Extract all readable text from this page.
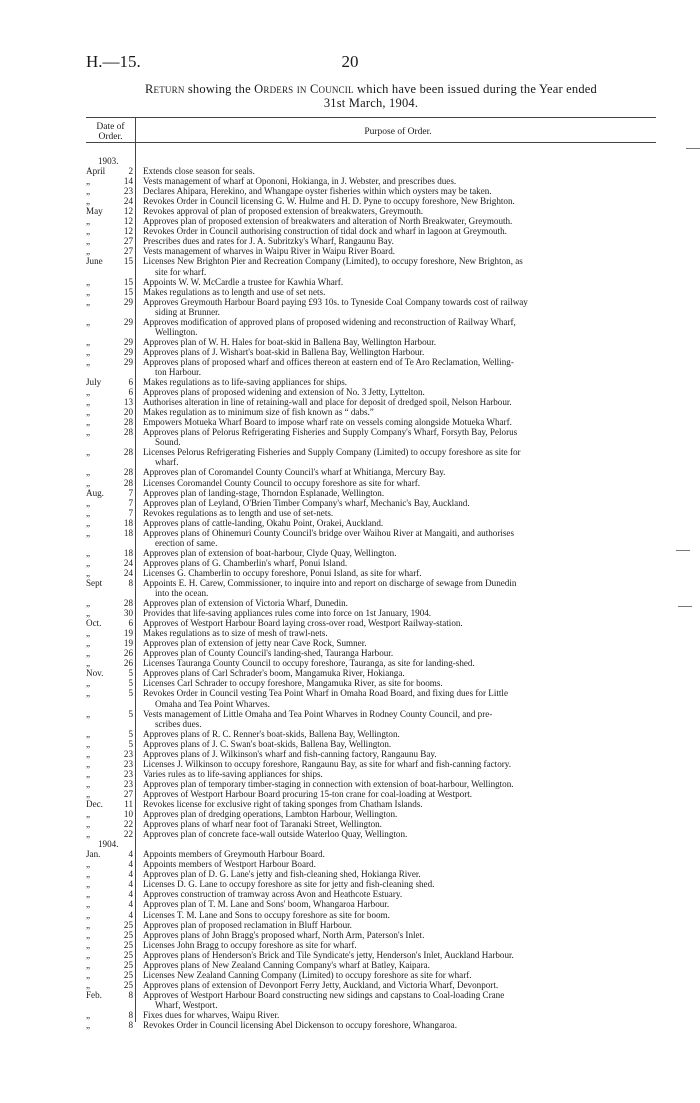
H.—15.	20
Return showing the Orders in Council which have been issued during the Year ended
31st March, 1904.
Date of Order.	Purpose of Order.
1903.
April	2	Extends close season for seals.
„	14	Vests management of wharf at Opononi, Hokianga, in J. Webster, and prescribes dues.
„	23	Declares Ahipara, Herekino, and Whangape oyster fisheries within which oysters may be taken.
„	24	Revokes Order in Council licensing G. W. Hulme and H. D. Pyne to occupy foreshore, New Brighton.
May	12	Revokes approval of plan of proposed extension of breakwaters, Greymouth.
„	12	Approves plan of proposed extension of breakwaters and alteration of North Breakwater, Greymouth.
„	12	Revokes Order in Council authorising construction of tidal dock and wharf in lagoon at Greymouth.
„	27	Prescribes dues and rates for J. A. Subritzky's Wharf, Rangaunu Bay.
„	27	Vests management of wharves in Waipu River in Waipu River Board.
June	15	Licenses New Brighton Pier and Recreation Company (Limited), to occupy foreshore, New Brighton, as
site for wharf.
„	15	Appoints W. W. McCardle a trustee for Kawhia Wharf.
„	15	Makes regulations as to length and use of set nets.
„	29	Approves Greymouth Harbour Board paying £93 10s. to Tyneside Coal Company towards cost of railway
siding at Brunner.
„	29	Approves modification of approved plans of proposed widening and reconstruction of Railway Wharf,
Wellington.
„	29	Approves plan of W. H. Hales for boat-skid in Ballena Bay, Wellington Harbour.
„	29	Approves plans of J. Wishart's boat-skid in Ballena Bay, Wellington Harbour.
„	29	Approves plans of proposed wharf and offices thereon at eastern end of Te Aro Reclamation, Welling-
ton Harbour.
July	6	Makes regulations as to life-saving appliances for ships.
„	6	Approves plans of proposed widening and extension of No. 3 Jetty, Lyttelton.
„	13	Authorises alteration in line of retaining-wall and place for deposit of dredged spoil, Nelson Harbour.
„	20	Makes regulation as to minimum size of fish known as “ dabs.”
„	28	Empowers Motueka Wharf Board to impose wharf rate on vessels coming alongside Motueka Wharf.
„	28	Approves plans of Pelorus Refrigerating Fisheries and Supply Company's Wharf, Forsyth Bay, Pelorus
Sound.
„	28	Licenses Pelorus Refrigerating Fisheries and Supply Company (Limited) to occupy foreshore as site for
wharf.
„	28	Approves plan of Coromandel County Council's wharf at Whitianga, Mercury Bay.
„	28	Licenses Coromandel County Council to occupy foreshore as site for wharf.
Aug.	7	Approves plan of landing-stage, Thorndon Esplanade, Wellington.
„	7	Approves plan of Leyland, O'Brien Timber Company's wharf, Mechanic's Bay, Auckland.
„	7	Revokes regulations as to length and use of set-nets.
„	18	Approves plans of cattle-landing, Okahu Point, Orakei, Auckland.
„	18	Approves plans of Ohinemuri County Council's bridge over Waihou River at Mangaiti, and authorises
erection of same.
„	18	Approves plan of extension of boat-harbour, Clyde Quay, Wellington.
„	24	Approves plans of G. Chamberlin's wharf, Ponui Island.
„	24	Licenses G. Chamberlin to occupy foreshore, Ponui Island, as site for wharf.
Sept	8	Appoints E. H. Carew, Commissioner, to inquire into and report on discharge of sewage from Dunedin
into the ocean.
„	28	Approves plan of extension of Victoria Wharf, Dunedin.
„	30	Provides that life-saving appliances rules come into force on 1st January, 1904.
Oct.	6	Approves of Westport Harbour Board laying cross-over road, Westport Railway-station.
„	19	Makes regulations as to size of mesh of trawl-nets.
„	19	Approves plan of extension of jetty near Cave Rock, Sumner.
„	26	Approves plan of County Council's landing-shed, Tauranga Harbour.
„	26	Licenses Tauranga County Council to occupy foreshore, Tauranga, as site for landing-shed.
Nov.	5	Approves plans of Carl Schrader's boom, Mangamuka River, Hokianga.
„	5	Licenses Carl Schrader to occupy foreshore, Mangamuka River, as site for booms.
„	5	Revokes Order in Council vesting Tea Point Wharf in Omaha Road Board, and fixing dues for Little
Omaha and Tea Point Wharves.
„	5	Vests management of Little Omaha and Tea Point Wharves in Rodney County Council, and pre-
scribes dues.
„	5	Approves plans of R. C. Renner's boat-skids, Ballena Bay, Wellington.
„	5	Approves plans of J. C. Swan's boat-skids, Ballena Bay, Wellington.
„	23	Approves plans of J. Wilkinson's wharf and fish-canning factory, Rangaunu Bay.
„	23	Licenses J. Wilkinson to occupy foreshore, Rangaunu Bay, as site for wharf and fish-canning factory.
„	23	Varies rules as to life-saving appliances for ships.
„	23	Approves plan of temporary timber-staging in connection with extension of boat-harbour, Wellington.
„	27	Approves of Westport Harbour Board procuring 15-ton crane for coal-loading at Westport.
Dec.	11	Revokes license for exclusive right of taking sponges from Chatham Islands.
„	10	Approves plan of dredging operations, Lambton Harbour, Wellington.
„	22	Approves plans of wharf near foot of Taranaki Street, Wellington.
„	22	Approves plan of concrete face-wall outside Waterloo Quay, Wellington.
1904.
Jan.	4	Appoints members of Greymouth Harbour Board.
„	4	Appoints members of Westport Harbour Board.
„	4	Approves plan of D. G. Lane's jetty and fish-cleaning shed, Hokianga River.
„	4	Licenses D. G. Lane to occupy foreshore as site for jetty and fish-cleaning shed.
„	4	Approves construction of tramway across Avon and Heathcote Estuary.
„	4	Approves plan of T. M. Lane and Sons' boom, Whangaroa Harbour.
„	4	Licenses T. M. Lane and Sons to occupy foreshore as site for boom.
„	25	Approves plan of proposed reclamation in Bluff Harbour.
„	25	Approves plans of John Bragg's proposed wharf, North Arm, Paterson's Inlet.
„	25	Licenses John Bragg to occupy foreshore as site for wharf.
„	25	Approves plans of Henderson's Brick and Tile Syndicate's jetty, Henderson's Inlet, Auckland Harbour.
„	25	Approves plans of New Zealand Canning Company's wharf at Batley, Kaipara.
„	25	Licenses New Zealand Canning Company (Limited) to occupy foreshore as site for wharf.
„	25	Approves plans of extension of Devonport Ferry Jetty, Auckland, and Victoria Wharf, Devonport.
Feb.	8	Approves of Westport Harbour Board constructing new sidings and capstans to Coal-loading Crane
Wharf, Westport.
„	8	Fixes dues for wharves, Waipu River.
„	8	Revokes Order in Council licensing Abel Dickenson to occupy foreshore, Whangaroa.
